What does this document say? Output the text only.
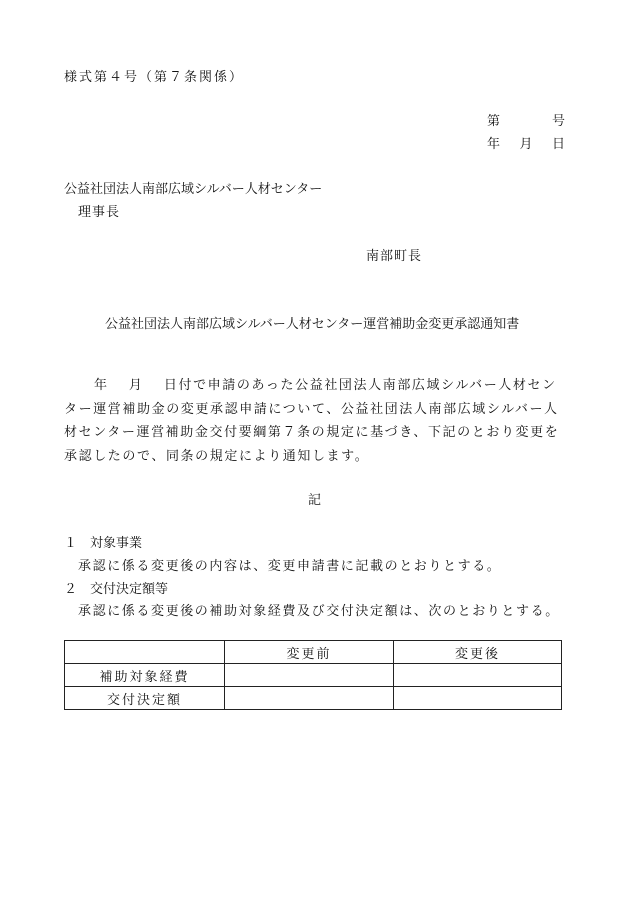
様式第４号（第７条関係）
第	号
年 月 日
公益社団法人南部広域シルバー人材センター
理事長
南部町長
公益社団法人南部広域シルバー人材センター運営補助金変更承認通知書
年　 月　 日付で申請のあった公益社団法人南部広域シルバー人材センター運営補助金の変更承認申請について、公益社団法人南部広域シルバー人材センター運営補助金交付要綱第７条の規定に基づき、下記のとおり変更を承認したので、同条の規定により通知します。
記
１　対象事業
承認に係る変更後の内容は、変更申請書に記載のとおりとする。
２　交付決定額等
承認に係る変更後の補助対象経費及び交付決定額は、次のとおりとする。
	変更前	変更後
補助対象経費		
交付決定額		
